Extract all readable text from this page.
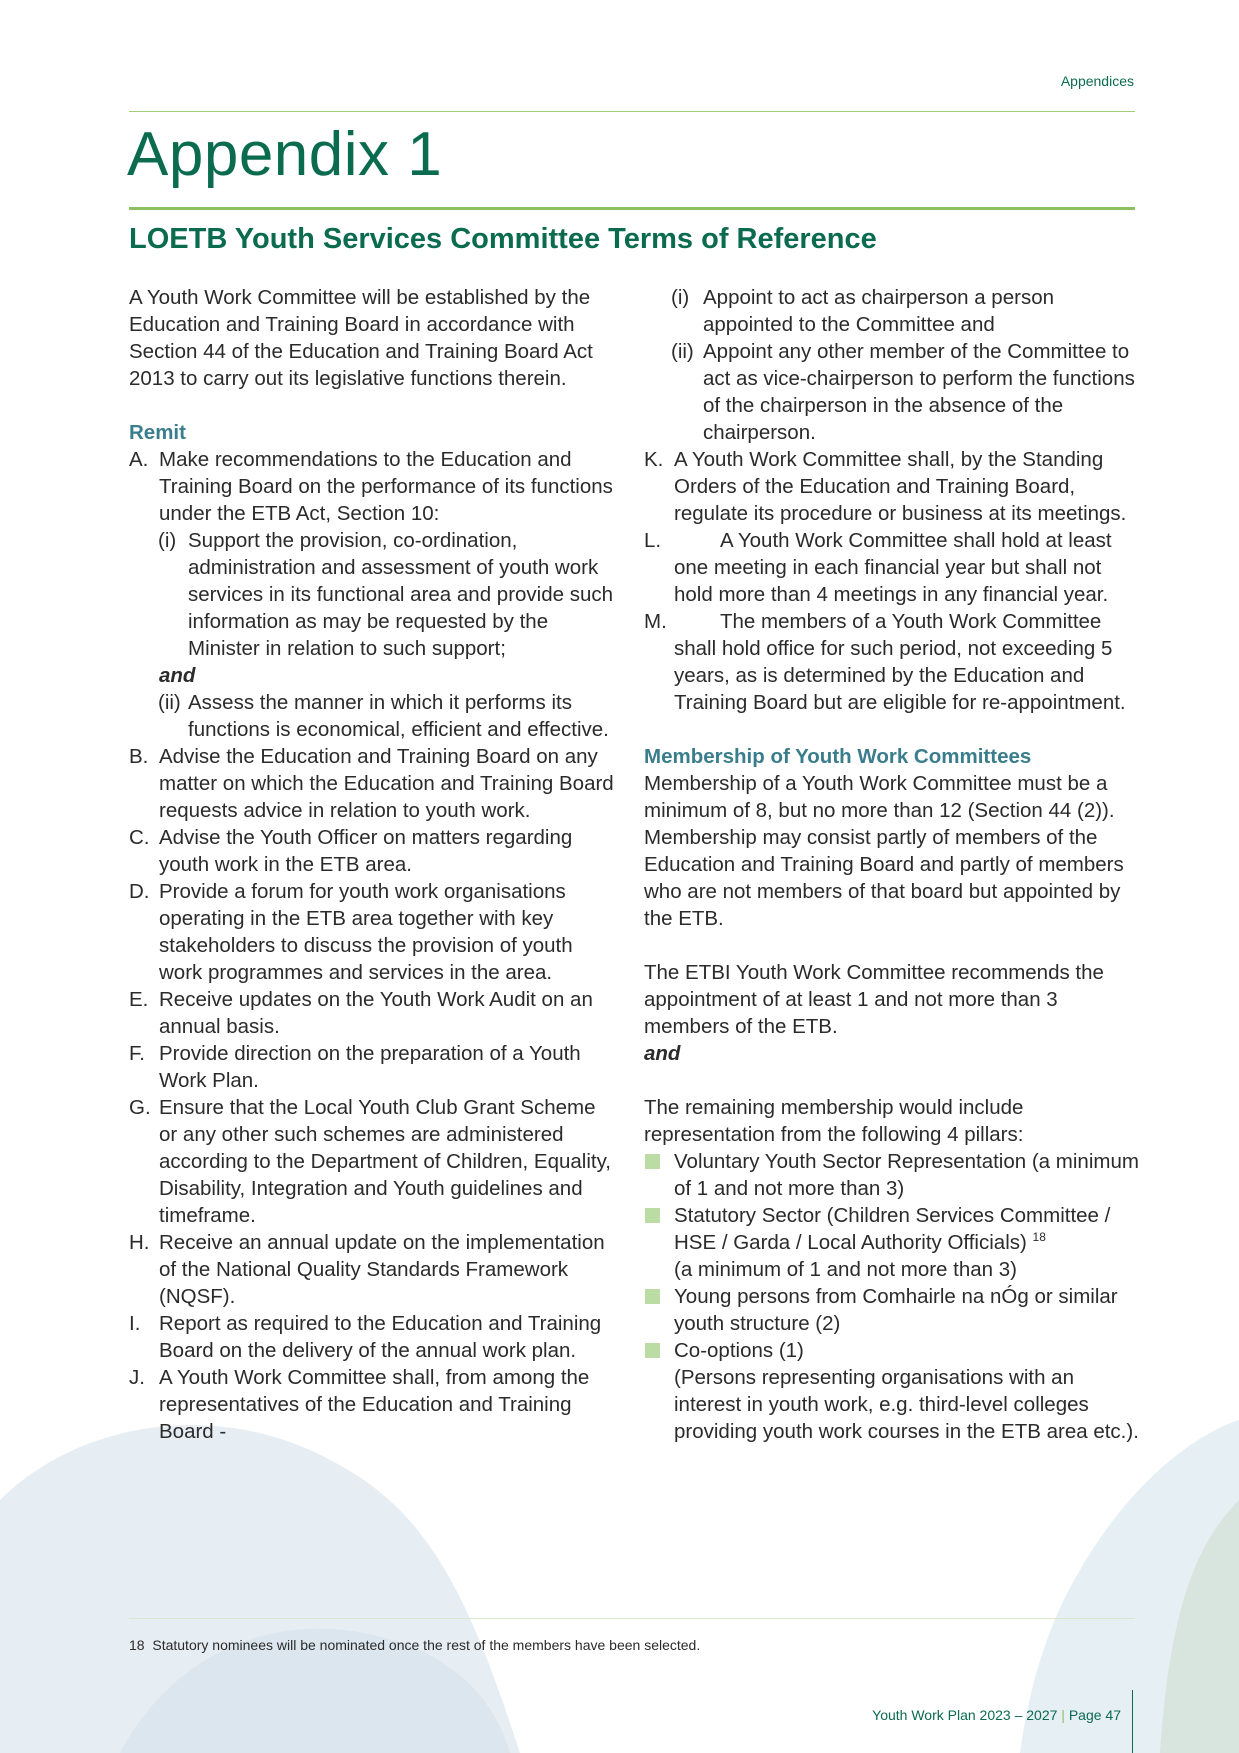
Appendices
Appendix 1
LOETB Youth Services Committee Terms of Reference

A Youth Work Committee will be established by the Education and Training Board in accordance with Section 44 of the Education and Training Board Act 2013 to carry out its legislative functions therein.

Remit

A. Make recommendations to the Education and Training Board on the performance of its functions under the ETB Act, Section 10:
(i) Support the provision, co-ordination, administration and assessment of youth work services in its functional area and provide such information as may be requested by the Minister in relation to such support;
and
(ii) Assess the manner in which it performs its functions is economical, efficient and effective.
B. Advise the Education and Training Board on any matter on which the Education and Training Board requests advice in relation to youth work.
C. Advise the Youth Officer on matters regarding youth work in the ETB area.
D. Provide a forum for youth work organisations operating in the ETB area together with key stakeholders to discuss the provision of youth work programmes and services in the area.
E. Receive updates on the Youth Work Audit on an annual basis.
F. Provide direction on the preparation of a Youth Work Plan.
G. Ensure that the Local Youth Club Grant Scheme or any other such schemes are administered according to the Department of Children, Equality, Disability, Integration and Youth guidelines and timeframe.
H. Receive an annual update on the implementation of the National Quality Standards Framework (NQSF).
I. Report as required to the Education and Training Board on the delivery of the annual work plan.
J. A Youth Work Committee shall, from among the representatives of the Education and Training Board -
(i) Appoint to act as chairperson a person appointed to the Committee and
(ii) Appoint any other member of the Committee to act as vice-chairperson to perform the functions of the chairperson in the absence of the chairperson.
K. A Youth Work Committee shall, by the Standing Orders of the Education and Training Board, regulate its procedure or business at its meetings.
L.	A Youth Work Committee shall hold at least one meeting in each financial year but shall not hold more than 4 meetings in any financial year.
M.	The members of a Youth Work Committee shall hold office for such period, not exceeding 5 years, as is determined by the Education and Training Board but are eligible for re-appointment.

Membership of Youth Work Committees

Membership of a Youth Work Committee must be a minimum of 8, but no more than 12 (Section 44 (2)). Membership may consist partly of members of the Education and Training Board and partly of members who are not members of that board but appointed by the ETB.

The ETBI Youth Work Committee recommends the appointment of at least 1 and not more than 3 members of the ETB.

and

The remaining membership would include representation from the following 4 pillars:

Voluntary Youth Sector Representation (a minimum of 1 and not more than 3)
Statutory Sector (Children Services Committee / HSE / Garda / Local Authority Officials) $^{18}$
(a minimum of 1 and not more than 3)
Young persons from Comhairle na nÓg or similar youth structure (2)
Co-options (1)
(Persons representing organisations with an interest in youth work, e.g. third-level colleges providing youth work courses in the ETB area etc.).
18 Statutory nominees will be nominated once the rest of the members have been selected.
Youth Work Plan 2023 – 2027 | Page 47
